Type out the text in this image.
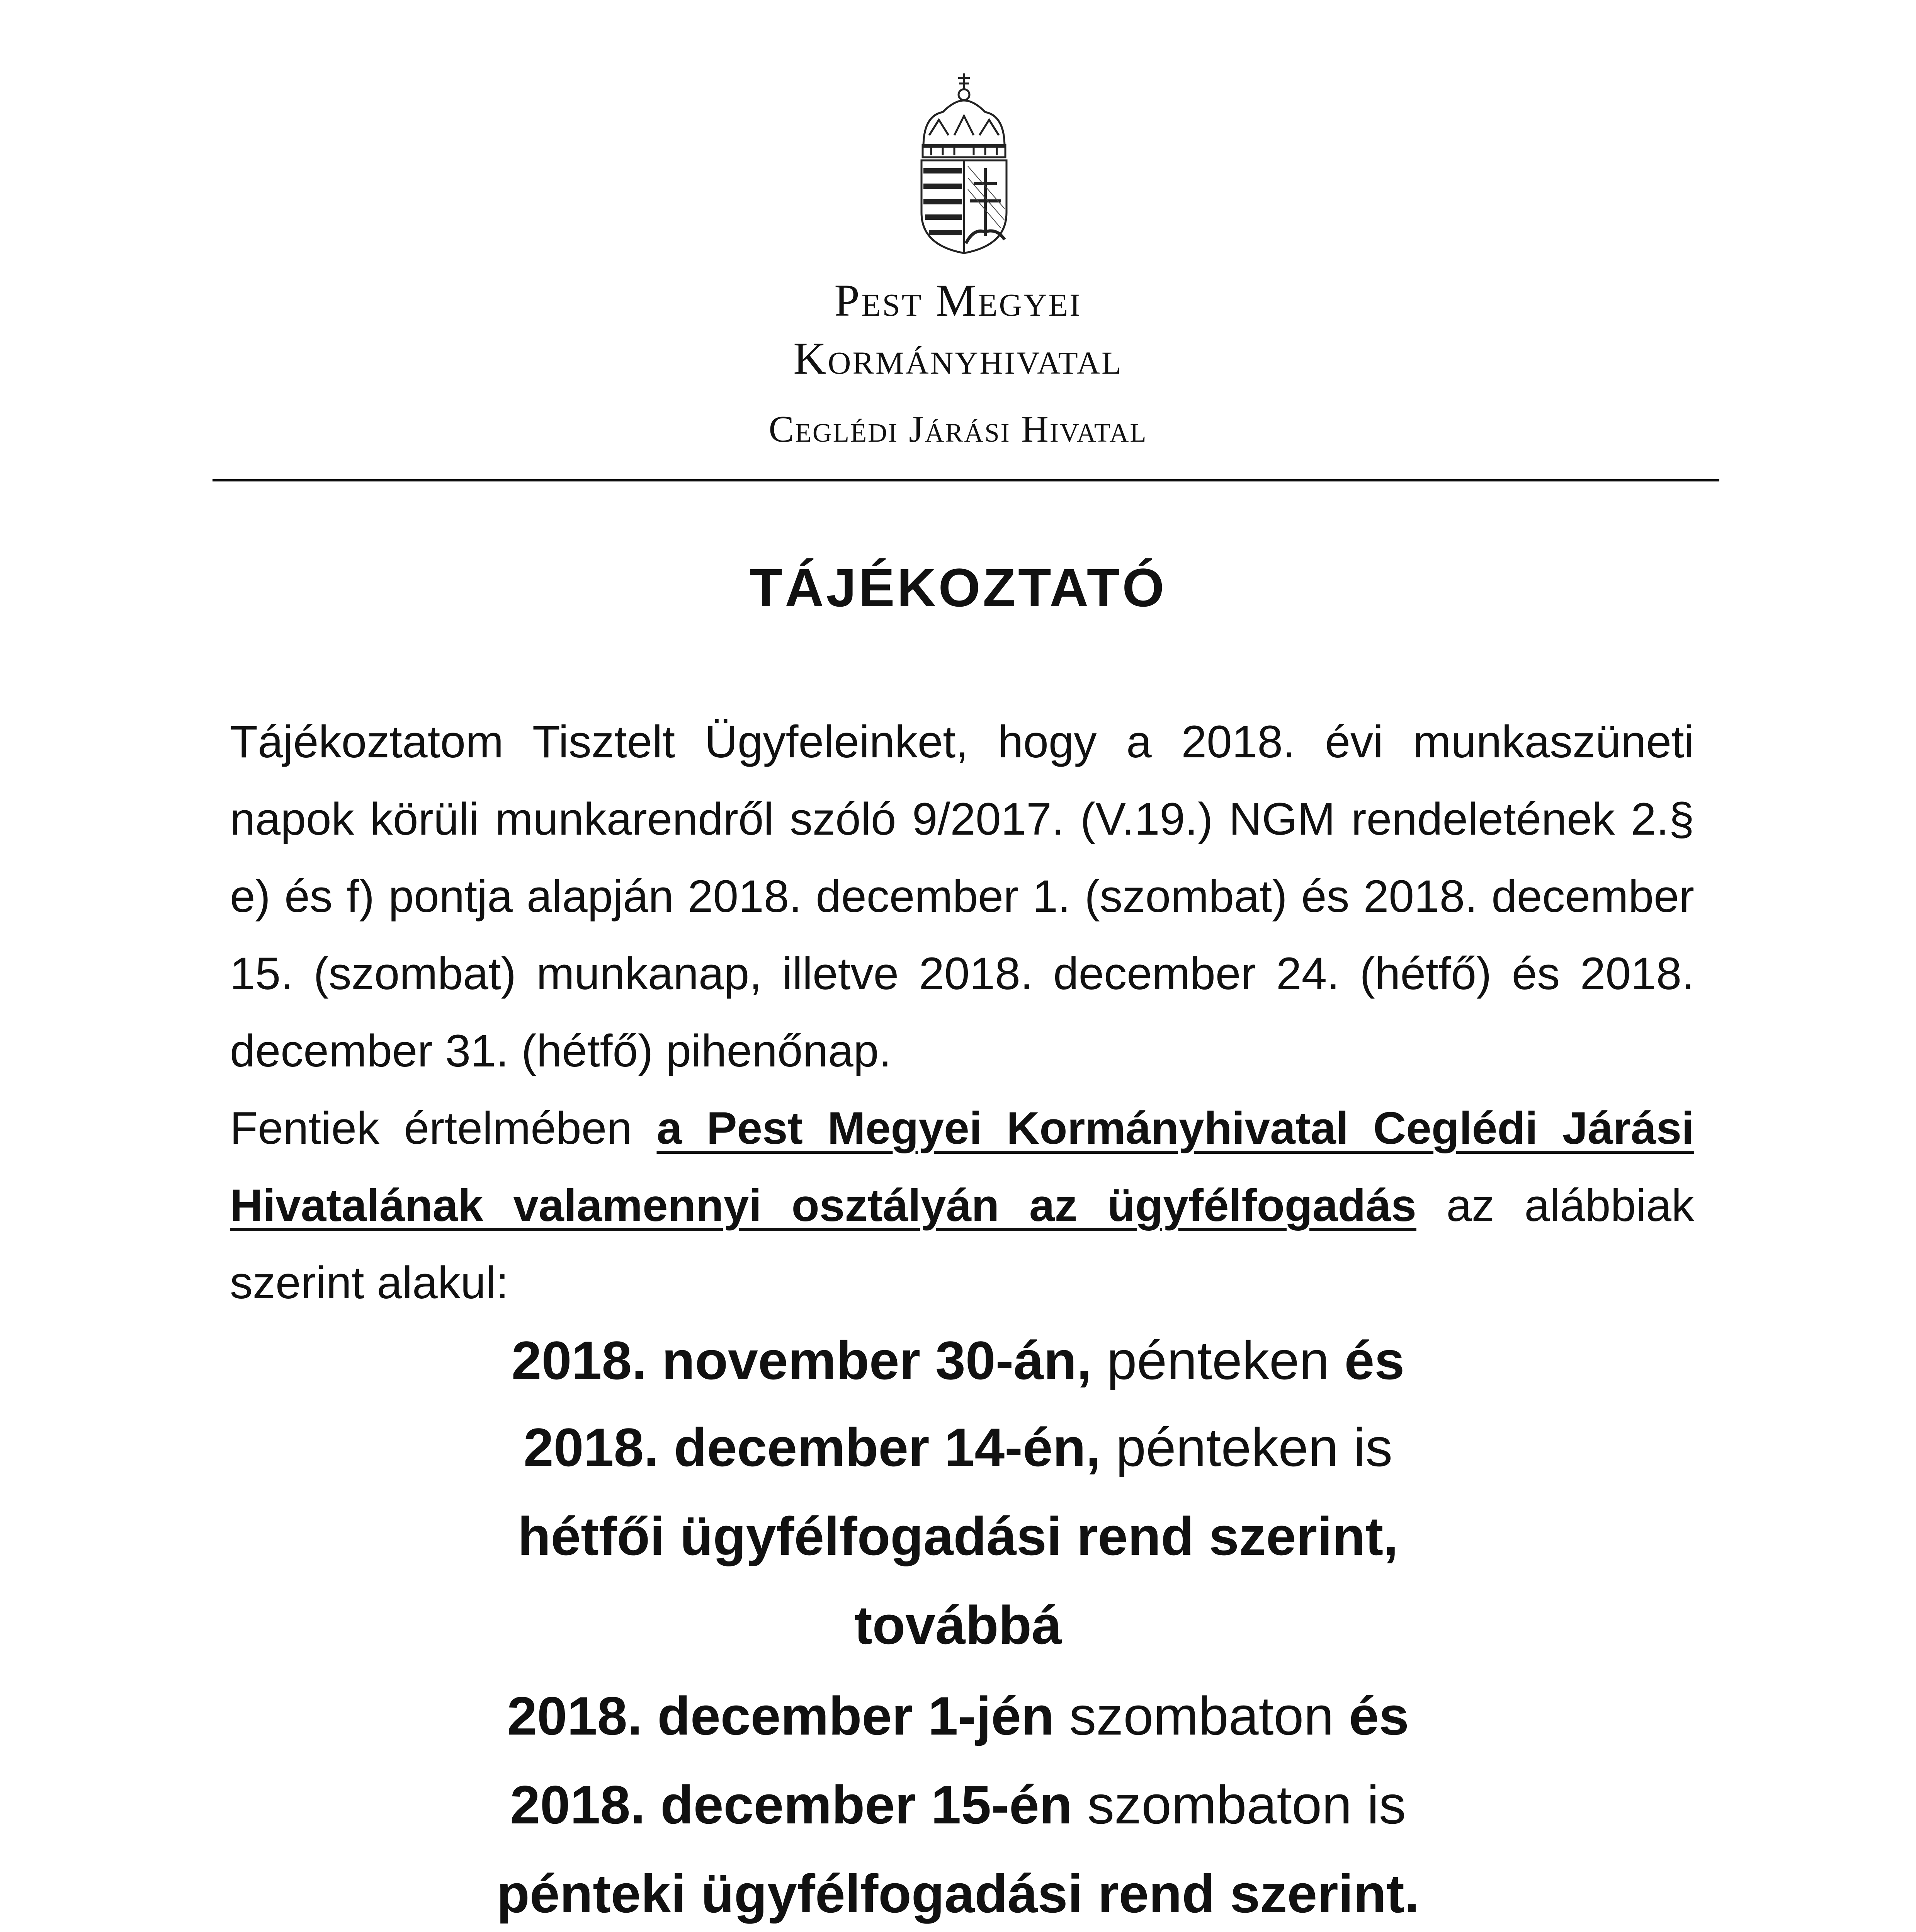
Pest Megyei
Kormányhivatal
Ceglédi Járási Hivatal
TÁJÉKOZTATÓ
Tájékoztatom Tisztelt Ügyfeleinket, hogy a 2018. évi munkaszüneti napok körüli munkarendről szóló 9/2017. (V.19.) NGM rendeletének 2.§ e) és f) pontja alapján 2018. december 1. (szombat) és 2018. december 15. (szombat) munkanap, illetve 2018. december 24. (hétfő) és 2018. december 31. (hétfő) pihenőnap.
Fentiek értelmében a Pest Megyei Kormányhivatal Ceglédi Járási Hivatalának valamennyi osztályán az ügyfélfogadás az alábbiak szerint alakul:
2018. november 30-án, pénteken és
2018. december 14-én, pénteken is
hétfői ügyfélfogadási rend szerint,
továbbá
2018. december 1-jén szombaton és
2018. december 15-én szombaton is
pénteki ügyfélfogadási rend szerint.
